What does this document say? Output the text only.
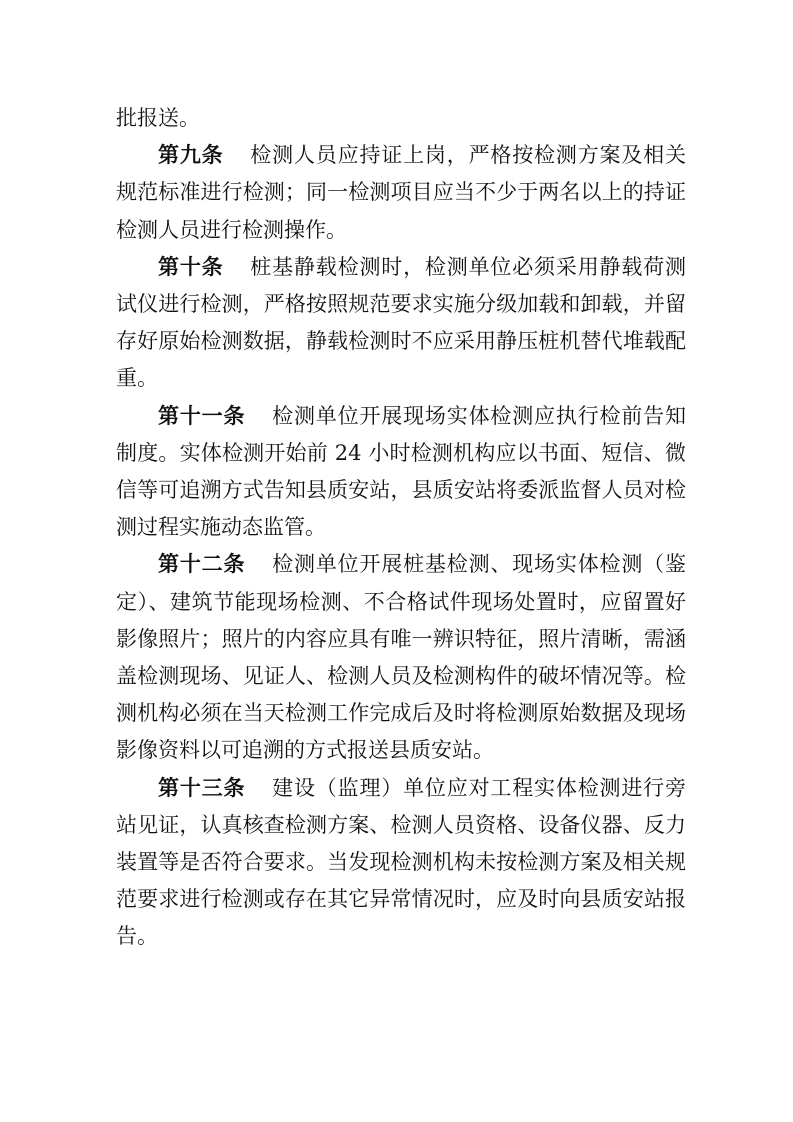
批报送。

第九条 检测人员应持证上岗，严格按检测方案及相关规范标准进行检测；同一检测项目应当不少于两名以上的持证检测人员进行检测操作。

第十条 桩基静载检测时，检测单位必须采用静载荷测试仪进行检测，严格按照规范要求实施分级加载和卸载，并留存好原始检测数据，静载检测时不应采用静压桩机替代堆载配重。

第十一条 检测单位开展现场实体检测应执行检前告知制度。实体检测开始前 24 小时检测机构应以书面、短信、微信等可追溯方式告知县质安站，县质安站将委派监督人员对检测过程实施动态监管。

第十二条 检测单位开展桩基检测、现场实体检测（鉴定）、建筑节能现场检测、不合格试件现场处置时，应留置好影像照片；照片的内容应具有唯一辨识特征，照片清晰，需涵盖检测现场、见证人、检测人员及检测构件的破坏情况等。检测机构必须在当天检测工作完成后及时将检测原始数据及现场影像资料以可追溯的方式报送县质安站。

第十三条 建设（监理）单位应对工程实体检测进行旁站见证，认真核查检测方案、检测人员资格、设备仪器、反力装置等是否符合要求。当发现检测机构未按检测方案及相关规范要求进行检测或存在其它异常情况时，应及时向县质安站报告。
